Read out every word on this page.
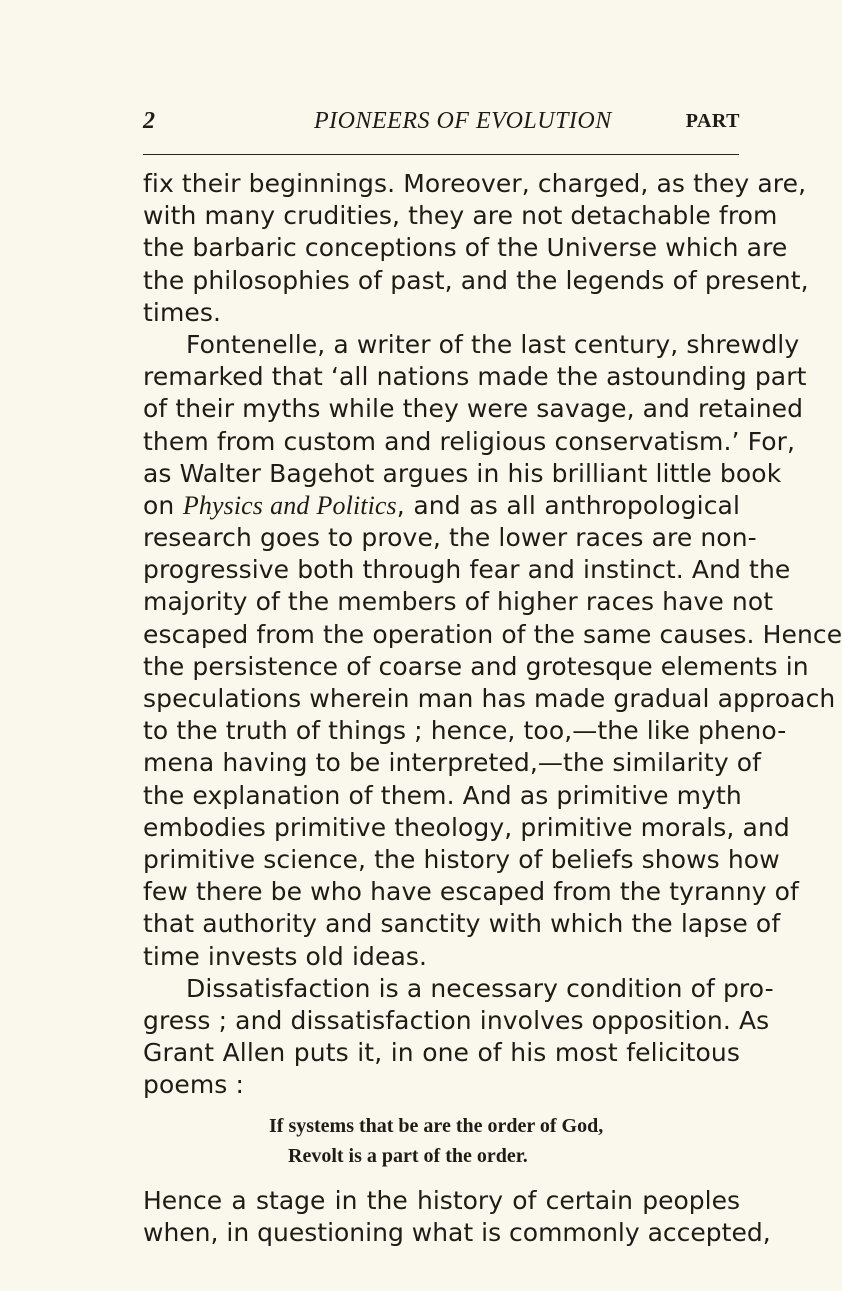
2	PIONEERS OF EVOLUTION	PART
fix their beginnings. Moreover, charged, as they are,
with many crudities, they are not detachable from
the barbaric conceptions of the Universe which are
the philosophies of past, and the legends of present,
times.
Fontenelle, a writer of the last century, shrewdly
remarked that ‘all nations made the astounding part
of their myths while they were savage, and retained
them from custom and religious conservatism.’ For,
as Walter Bagehot argues in his brilliant little book
on Physics and Politics, and as all anthropological
research goes to prove, the lower races are non-
progressive both through fear and instinct. And the
majority of the members of higher races have not
escaped from the operation of the same causes. Hence
the persistence of coarse and grotesque elements in
speculations wherein man has made gradual approach
to the truth of things ; hence, too,—the like pheno-
mena having to be interpreted,—the similarity of
the explanation of them. And as primitive myth
embodies primitive theology, primitive morals, and
primitive science, the history of beliefs shows how
few there be who have escaped from the tyranny of
that authority and sanctity with which the lapse of
time invests old ideas.
Dissatisfaction is a necessary condition of pro-
gress ; and dissatisfaction involves opposition. As
Grant Allen puts it, in one of his most felicitous
poems :
If systems that be are the order of God,
Revolt is a part of the order.
Hence a stage in the history of certain peoples
when, in questioning what is commonly accepted,
